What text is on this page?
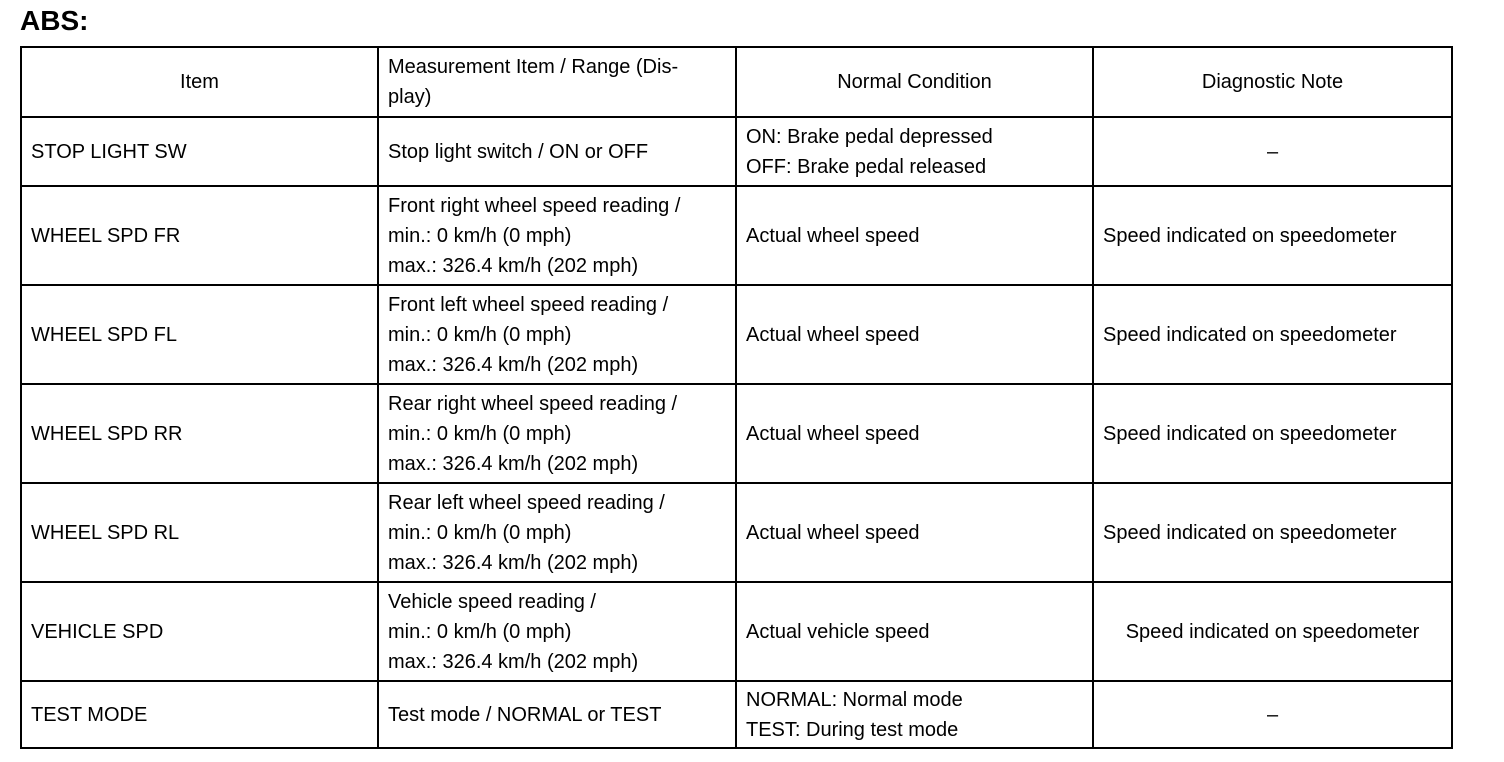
ABS:
Item	Measurement Item / Range (Dis-
play)	Normal Condition	Diagnostic Note
STOP LIGHT SW	Stop light switch / ON or OFF	ON: Brake pedal depressed
OFF: Brake pedal released	–
WHEEL SPD FR	Front right wheel speed reading /
min.: 0 km/h (0 mph)
max.: 326.4 km/h (202 mph)	Actual wheel speed	Speed indicated on speedometer
WHEEL SPD FL	Front left wheel speed reading /
min.: 0 km/h (0 mph)
max.: 326.4 km/h (202 mph)	Actual wheel speed	Speed indicated on speedometer
WHEEL SPD RR	Rear right wheel speed reading /
min.: 0 km/h (0 mph)
max.: 326.4 km/h (202 mph)	Actual wheel speed	Speed indicated on speedometer
WHEEL SPD RL	Rear left wheel speed reading /
min.: 0 km/h (0 mph)
max.: 326.4 km/h (202 mph)	Actual wheel speed	Speed indicated on speedometer
VEHICLE SPD	Vehicle speed reading /
min.: 0 km/h (0 mph)
max.: 326.4 km/h (202 mph)	Actual vehicle speed	Speed indicated on speedometer
TEST MODE	Test mode / NORMAL or TEST	NORMAL: Normal mode
TEST: During test mode	–
